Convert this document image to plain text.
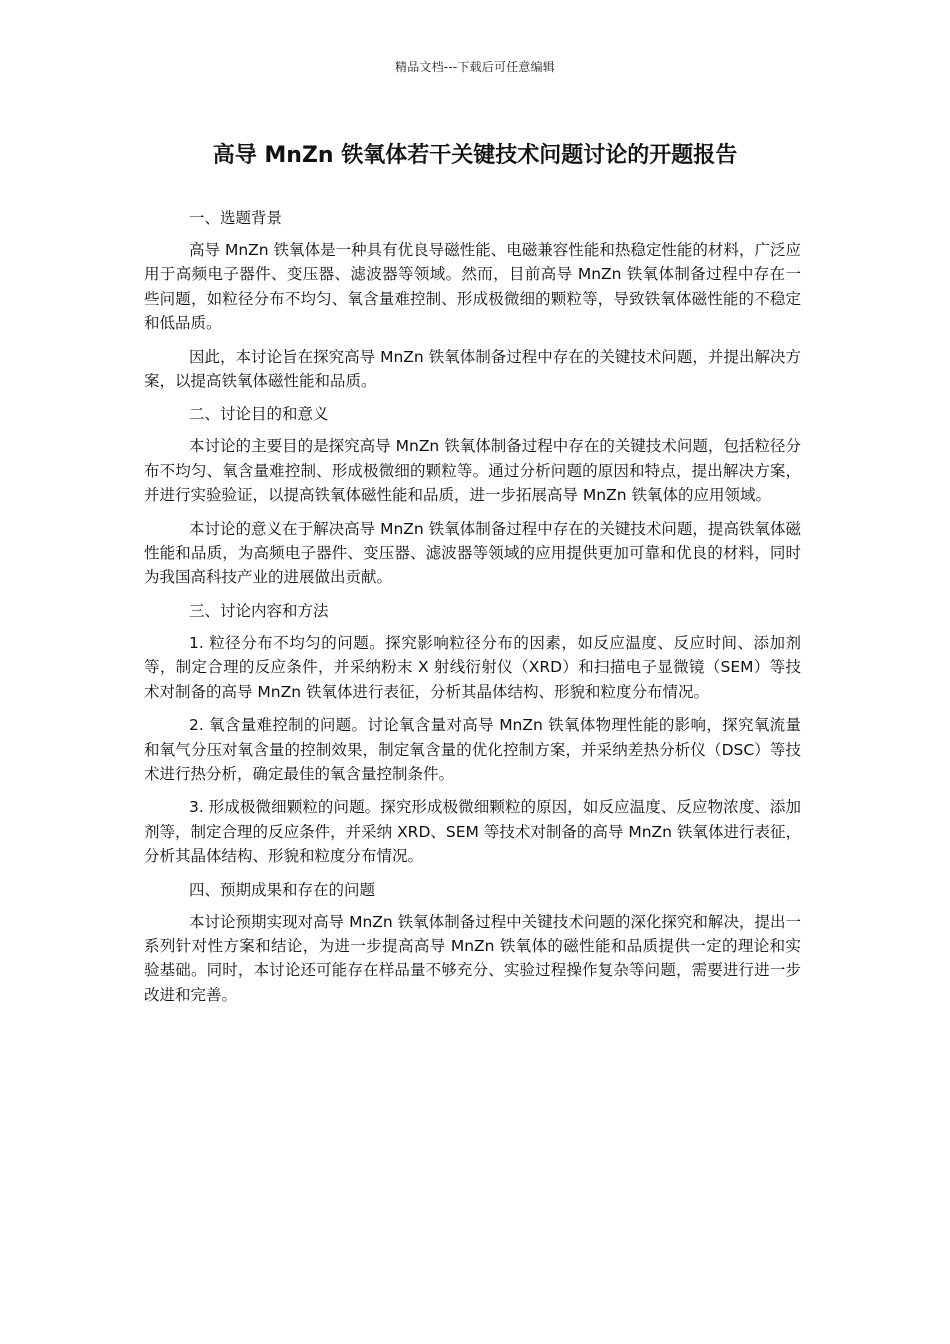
精品文档---下载后可任意编辑
高导 MnZn 铁氧体若干关键技术问题讨论的开题报告

一、选题背景

高导 MnZn 铁氧体是一种具有优良导磁性能、电磁兼容性能和热稳定性能的材料，广泛应用于高频电子器件、变压器、滤波器等领域。然而，目前高导 MnZn 铁氧体制备过程中存在一些问题，如粒径分布不均匀、氧含量难控制、形成极微细的颗粒等，导致铁氧体磁性能的不稳定和低品质。

因此，本讨论旨在探究高导 MnZn 铁氧体制备过程中存在的关键技术问题，并提出解决方案，以提高铁氧体磁性能和品质。

二、讨论目的和意义

本讨论的主要目的是探究高导 MnZn 铁氧体制备过程中存在的关键技术问题，包括粒径分布不均匀、氧含量难控制、形成极微细的颗粒等。通过分析问题的原因和特点，提出解决方案，并进行实验验证，以提高铁氧体磁性能和品质，进一步拓展高导 MnZn 铁氧体的应用领域。

本讨论的意义在于解决高导 MnZn 铁氧体制备过程中存在的关键技术问题，提高铁氧体磁性能和品质，为高频电子器件、变压器、滤波器等领域的应用提供更加可靠和优良的材料，同时为我国高科技产业的进展做出贡献。

三、讨论内容和方法

1. 粒径分布不均匀的问题。探究影响粒径分布的因素，如反应温度、反应时间、添加剂等，制定合理的反应条件，并采纳粉末 X 射线衍射仪（XRD）和扫描电子显微镜（SEM）等技术对制备的高导 MnZn 铁氧体进行表征，分析其晶体结构、形貌和粒度分布情况。

2. 氧含量难控制的问题。讨论氧含量对高导 MnZn 铁氧体物理性能的影响，探究氧流量和氧气分压对氧含量的控制效果，制定氧含量的优化控制方案，并采纳差热分析仪（DSC）等技术进行热分析，确定最佳的氧含量控制条件。

3. 形成极微细颗粒的问题。探究形成极微细颗粒的原因，如反应温度、反应物浓度、添加剂等，制定合理的反应条件，并采纳 XRD、SEM 等技术对制备的高导 MnZn 铁氧体进行表征，分析其晶体结构、形貌和粒度分布情况。

四、预期成果和存在的问题

本讨论预期实现对高导 MnZn 铁氧体制备过程中关键技术问题的深化探究和解决，提出一系列针对性方案和结论，为进一步提高高导 MnZn 铁氧体的磁性能和品质提供一定的理论和实验基础。同时，本讨论还可能存在样品量不够充分、实验过程操作复杂等问题，需要进行进一步改进和完善。
